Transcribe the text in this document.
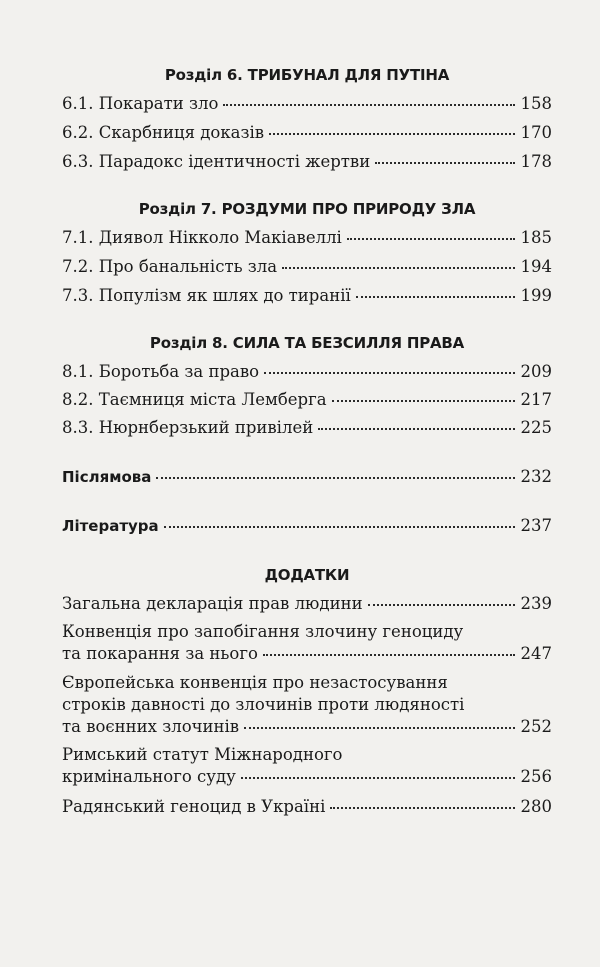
Розділ 6. ТРИБУНАЛ ДЛЯ ПУТІНА
6.1. Покарати зло	158
6.2. Скарбниця доказів	170
6.3. Парадокс ідентичності жертви	178
Розділ 7. РОЗДУМИ ПРО ПРИРОДУ ЗЛА
7.1. Диявол Ніккoло Макіавеллі	185
7.2. Про банальність зла	194
7.3. Популізм як шлях до тиранії	199
Розділ 8. СИЛА ТА БЕЗСИЛЛЯ ПРАВА
8.1. Боротьба за право	209
8.2. Таємниця міста Лемберга	217
8.3. Нюрнберзький привілей	225
Післямова	232
Література	237
ДОДАТКИ
Загальна декларація прав людини	239
Конвенція про запобігання злочину геноциду
та покарання за нього	247
Європейська конвенція про незастосування
строків давності до злочинів проти людяності
та воєнних злочинів	252
Римський статут Міжнародного
кримінального суду	256
Радянський геноцид в Україні	280
